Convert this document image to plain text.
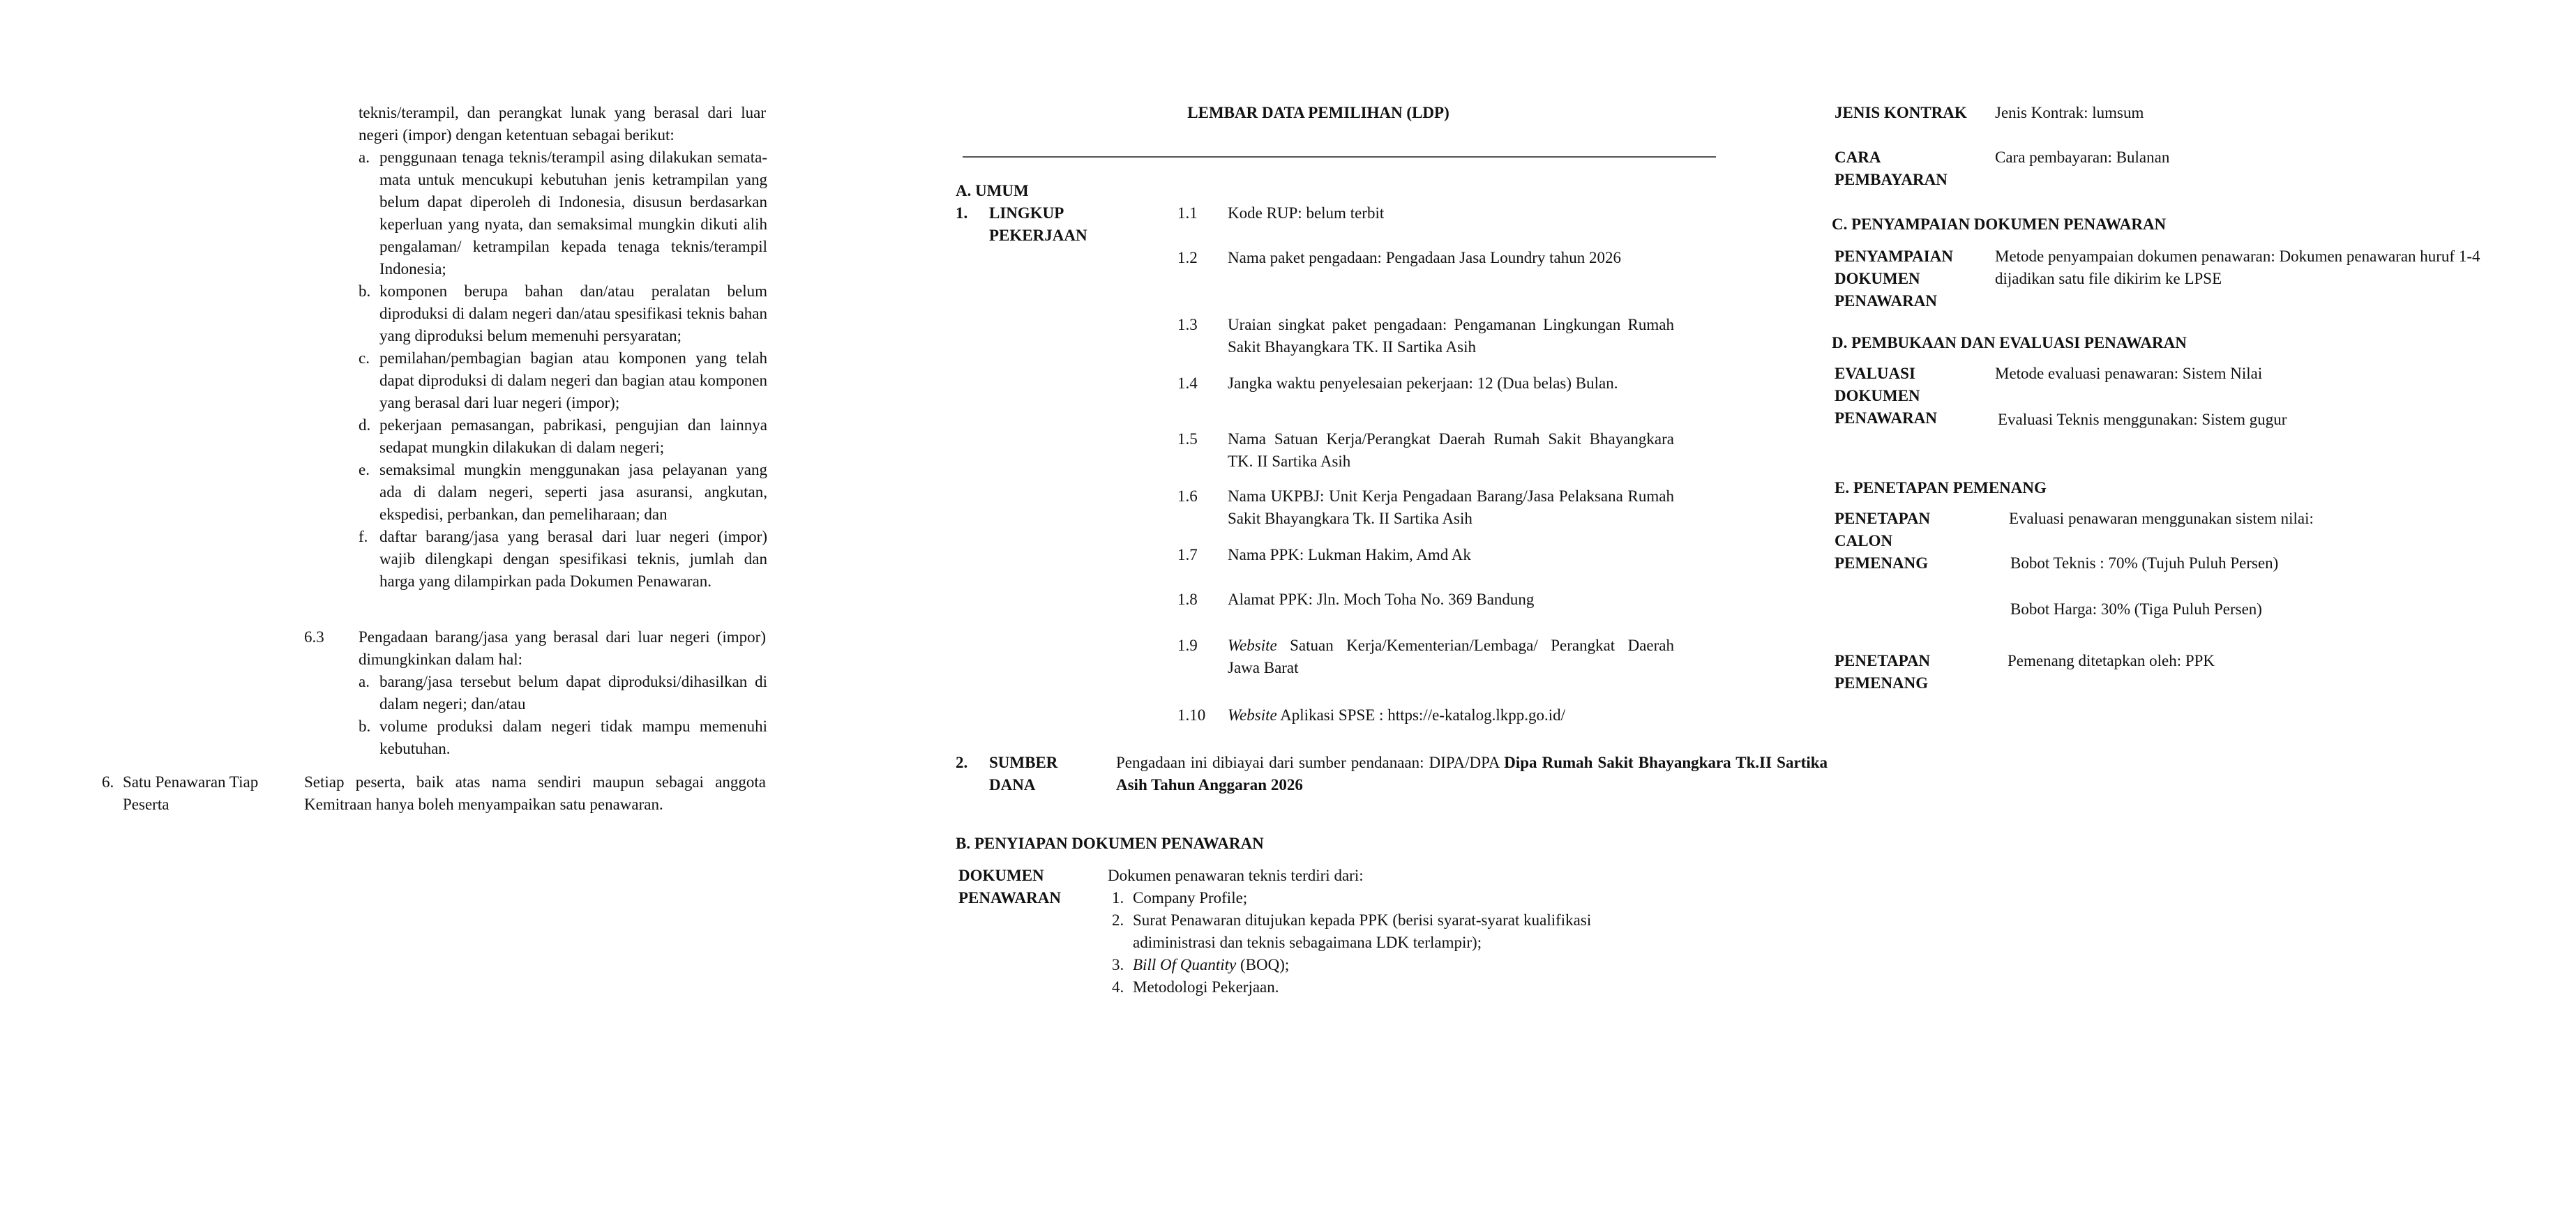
teknis/terampil, dan perangkat lunak yang berasal dari luar negeri (impor) dengan ketentuan sebagai berikut:
a. penggunaan tenaga teknis/terampil asing dilakukan semata-mata untuk mencukupi kebutuhan jenis ketrampilan yang belum dapat diperoleh di Indonesia, disusun berdasarkan keperluan yang nyata, dan semaksimal mungkin dikuti alih pengalaman/ ketrampilan kepada tenaga teknis/terampil Indonesia;
b. komponen berupa bahan dan/atau peralatan belum diproduksi di dalam negeri dan/atau spesifikasi teknis bahan yang diproduksi belum memenuhi persyaratan;
c. pemilahan/pembagian bagian atau komponen yang telah dapat diproduksi di dalam negeri dan bagian atau komponen yang berasal dari luar negeri (impor);
d. pekerjaan pemasangan, pabrikasi, pengujian dan lainnya sedapat mungkin dilakukan di dalam negeri;
e. semaksimal mungkin menggunakan jasa pelayanan yang ada di dalam negeri, seperti jasa asuransi, angkutan, ekspedisi, perbankan, dan pemeliharaan; dan
f. daftar barang/jasa yang berasal dari luar negeri (impor) wajib dilengkapi dengan spesifikasi teknis, jumlah dan harga yang dilampirkan pada Dokumen Penawaran.
6.3 Pengadaan barang/jasa yang berasal dari luar negeri (impor) dimungkinkan dalam hal:
a. barang/jasa tersebut belum dapat diproduksi/dihasilkan di dalam negeri; dan/atau
b. volume produksi dalam negeri tidak mampu memenuhi kebutuhan.
6. Satu Penawaran Tiap Peserta
Setiap peserta, baik atas nama sendiri maupun sebagai anggota Kemitraan hanya boleh menyampaikan satu penawaran.
LEMBAR DATA PEMILIHAN (LDP)
A. UMUM
1. LINGKUP PEKERJAAN
1.1 Kode RUP: belum terbit
1.2 Nama paket pengadaan: Pengadaan Jasa Loundry tahun 2026
1.3 Uraian singkat paket pengadaan: Pengamanan Lingkungan Rumah Sakit Bhayangkara TK. II Sartika Asih
1.4 Jangka waktu penyelesaian pekerjaan: 12 (Dua belas) Bulan.
1.5 Nama Satuan Kerja/Perangkat Daerah Rumah Sakit Bhayangkara TK. II Sartika Asih
1.6 Nama UKPBJ: Unit Kerja Pengadaan Barang/Jasa Pelaksana Rumah Sakit Bhayangkara Tk. II Sartika Asih
1.7 Nama PPK: Lukman Hakim, Amd Ak
1.8 Alamat PPK: Jln. Moch Toha No. 369 Bandung
1.9 Website Satuan Kerja/Kementerian/Lembaga/ Perangkat Daerah Jawa Barat
1.10 Website Aplikasi SPSE : https://e-katalog.lkpp.go.id/
2. SUMBER DANA
Pengadaan ini dibiayai dari sumber pendanaan: DIPA/DPA Dipa Rumah Sakit Bhayangkara Tk.II Sartika Asih Tahun Anggaran 2026
B. PENYIAPAN DOKUMEN PENAWARAN
DOKUMEN PENAWARAN
Dokumen penawaran teknis terdiri dari:
1. Company Profile;
2. Surat Penawaran ditujukan kepada PPK (berisi syarat-syarat kualifikasi adiministrasi dan teknis sebagaimana LDK terlampir);
3. Bill Of Quantity (BOQ);
4. Metodologi Pekerjaan.
JENIS KONTRAK Jenis Kontrak: lumsum
CARA PEMBAYARAN
Cara pembayaran: Bulanan
C. PENYAMPAIAN DOKUMEN PENAWARAN
PENYAMPAIAN DOKUMEN PENAWARAN
Metode penyampaian dokumen penawaran: Dokumen penawaran huruf 1-4 dijadikan satu file dikirim ke LPSE
D. PEMBUKAAN DAN EVALUASI PENAWARAN
EVALUASI DOKUMEN PENAWARAN
Metode evaluasi penawaran: Sistem Nilai
Evaluasi Teknis menggunakan: Sistem gugur
E. PENETAPAN PEMENANG
PENETAPAN CALON PEMENANG
Evaluasi penawaran menggunakan sistem nilai:
Bobot Teknis : 70% (Tujuh Puluh Persen)
Bobot Harga: 30% (Tiga Puluh Persen)
PENETAPAN PEMENANG
Pemenang ditetapkan oleh: PPK
